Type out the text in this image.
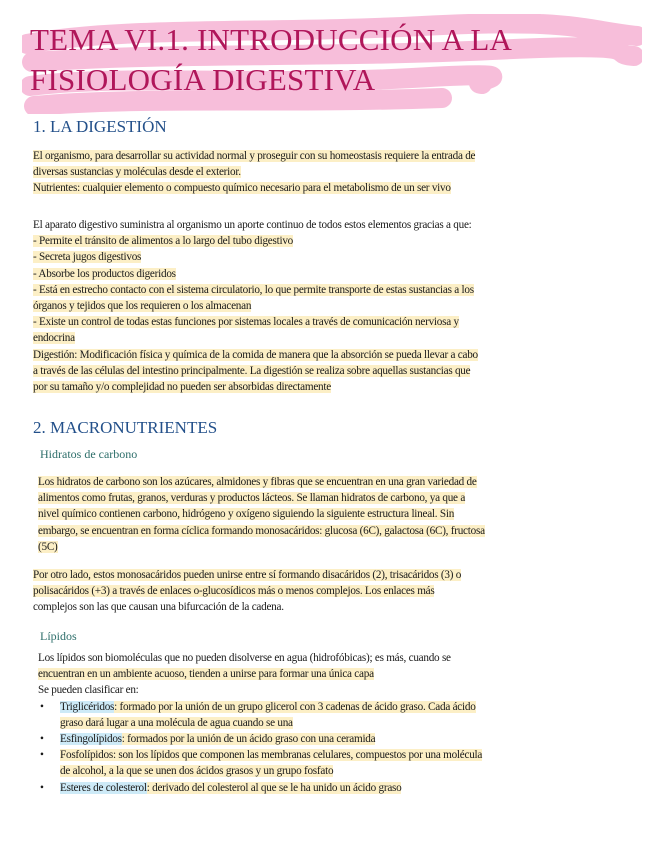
TEMA VI.1. INTRODUCCIÓN A LA
FISIOLOGÍA DIGESTIVA
1. LA DIGESTIÓN
El organismo, para desarrollar su actividad normal y proseguir con su homeostasis requiere la entrada de
diversas sustancias y moléculas desde el exterior.
Nutrientes: cualquier elemento o compuesto químico necesario para el metabolismo de un ser vivo
El aparato digestivo suministra al organismo un aporte continuo de todos estos elementos gracias a que:
- Permite el tránsito de alimentos a lo largo del tubo digestivo
- Secreta jugos digestivos
- Absorbe los productos digeridos
- Está en estrecho contacto con el sistema circulatorio, lo que permite transporte de estas sustancias a los
órganos y tejidos que los requieren o los almacenan
- Existe un control de todas estas funciones por sistemas locales a través de comunicación nerviosa y
endocrina
Digestión: Modificación física y química de la comida de manera que la absorción se pueda llevar a cabo
a través de las células del intestino principalmente. La digestión se realiza sobre aquellas sustancias que
por su tamaño y/o complejidad no pueden ser absorbidas directamente
2. MACRONUTRIENTES
Hidratos de carbono
Los hidratos de carbono son los azúcares, almidones y fibras que se encuentran en una gran variedad de
alimentos como frutas, granos, verduras y productos lácteos. Se llaman hidratos de carbono, ya que a
nivel químico contienen carbono, hidrógeno y oxígeno siguiendo la siguiente estructura lineal. Sin
embargo, se encuentran en forma cíclica formando monosacáridos: glucosa (6C), galactosa (6C), fructosa
(5C)
Por otro lado, estos monosacáridos pueden unirse entre sí formando disacáridos (2), trisacáridos (3) o
polisacáridos (+3) a través de enlaces o-glucosídicos más o menos complejos. Los enlaces más
complejos son las que causan una bifurcación de la cadena.
Lípidos
Los lípidos son biomoléculas que no pueden disolverse en agua (hidrofóbicas); es más, cuando se
encuentran en un ambiente acuoso, tienden a unirse para formar una única capa
Se pueden clasificar en:
• Triglicéridos: formado por la unión de un grupo glicerol con 3 cadenas de ácido graso. Cada ácido
graso dará lugar a una molécula de agua cuando se una
• Esfingolípidos: formados por la unión de un ácido graso con una ceramida
• Fosfolípidos: son los lípidos que componen las membranas celulares, compuestos por una molécula
de alcohol, a la que se unen dos ácidos grasos y un grupo fosfato
• Esteres de colesterol: derivado del colesterol al que se le ha unido un ácido graso
